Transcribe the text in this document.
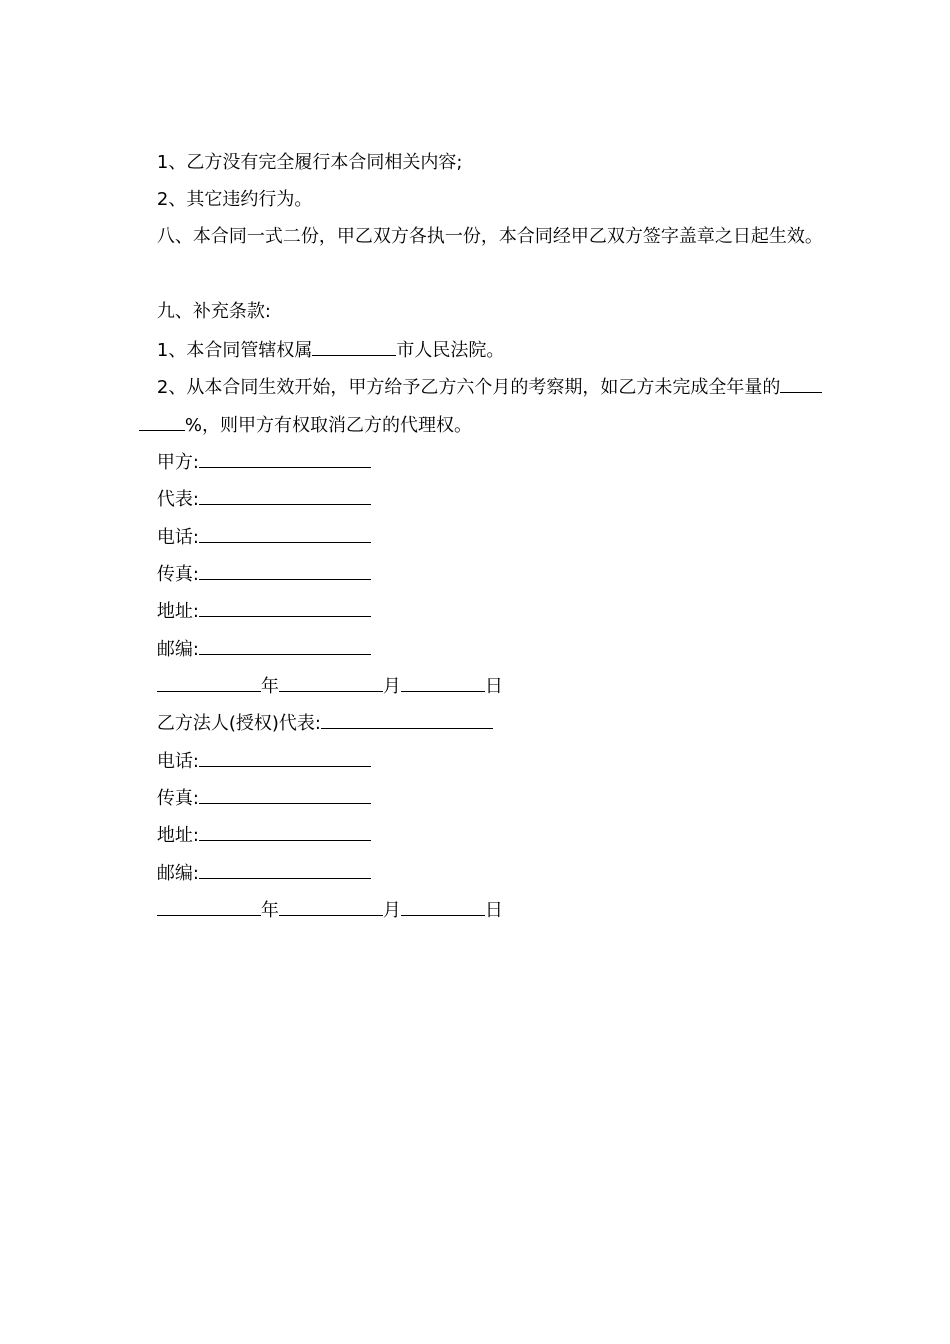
1、乙方没有完全履行本合同相关内容;

2、其它违约行为。

八、本合同一式二份，甲乙双方各执一份，本合同经甲乙双方签字盖章之日起生效。

九、补充条款:

1、本合同管辖权属	市人民法院。

2、从本合同生效开始，甲方给予乙方六个月的考察期，如乙方未完成全年量的

%，则甲方有权取消乙方的代理权。

甲方:

代表:

电话:

传真:

地址:

邮编:

年	月	日

乙方法人(授权)代表:

电话:

传真:

地址:

邮编:

年	月	日
